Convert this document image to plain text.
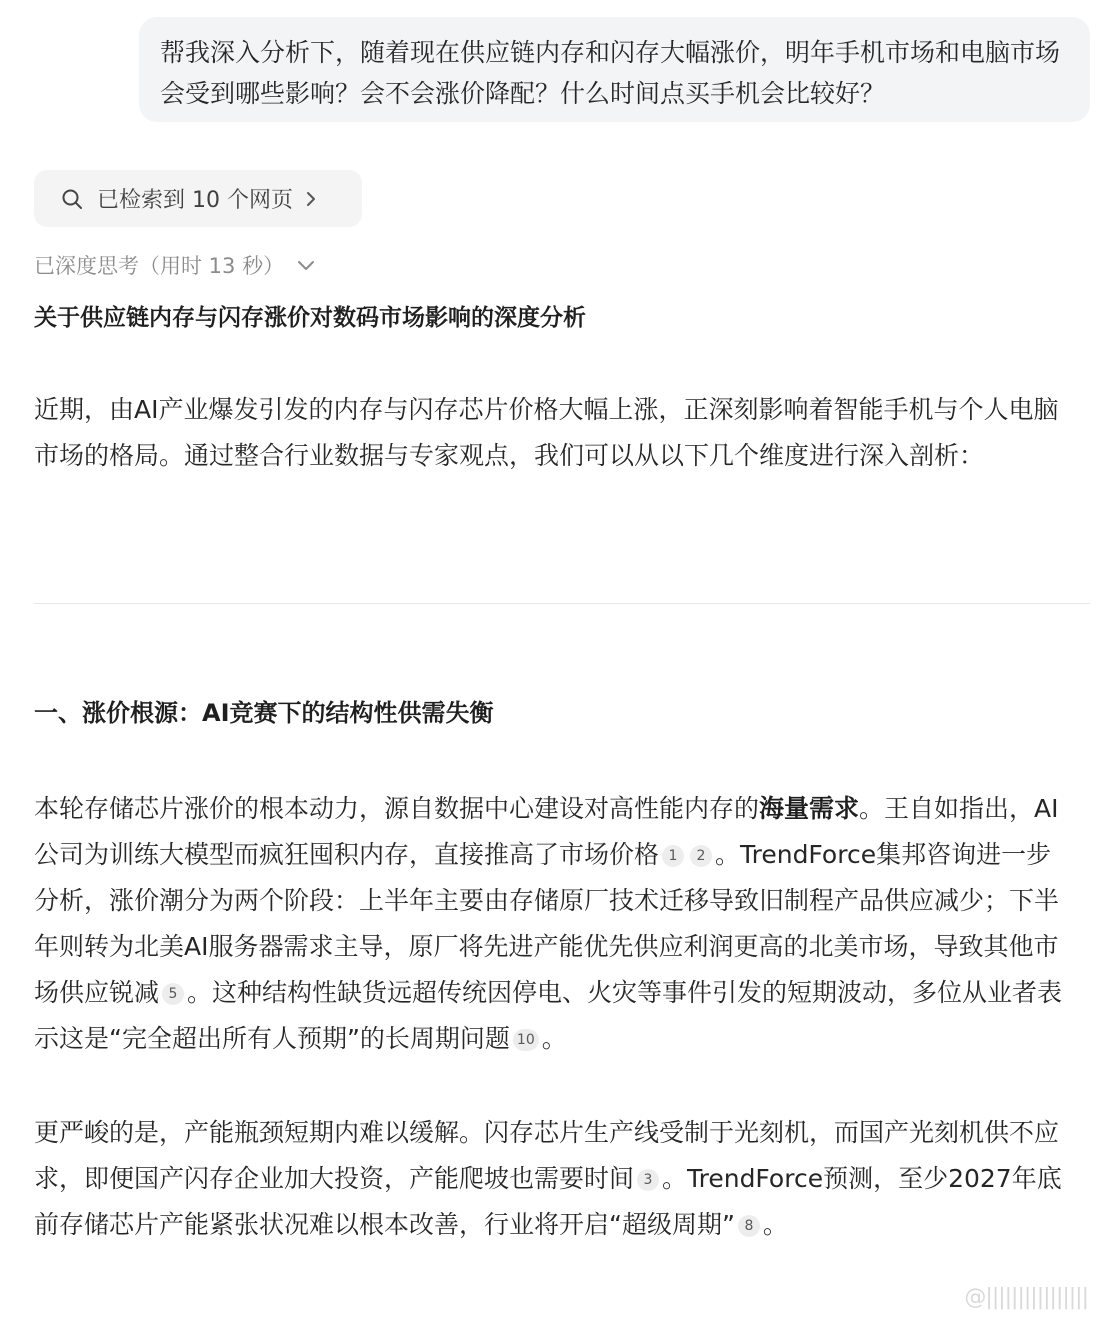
帮我深入分析下，随着现在供应链内存和闪存大幅涨价，明年手机市场和电脑市场会受到哪些影响？会不会涨价降配？什么时间点买手机会比较好？
已检索到 10 个网页
已深度思考（用时 13 秒）
关于供应链内存与闪存涨价对数码市场影响的深度分析

近期，由AI产业爆发引发的内存与闪存芯片价格大幅上涨，正深刻影响着智能手机与个人电脑市场的格局。通过整合行业数据与专家观点，我们可以从以下几个维度进行深入剖析：

一、涨价根源：AI竞赛下的结构性供需失衡

本轮存储芯片涨价的根本动力，源自数据中心建设对高性能内存的海量需求。王自如指出，AI公司为训练大模型而疯狂囤积内存，直接推高了市场价格 1 2 。TrendForce集邦咨询进一步分析，涨价潮分为两个阶段：上半年主要由存储原厂技术迁移导致旧制程产品供应减少；下半年则转为北美AI服务器需求主导，原厂将先进产能优先供应利润更高的北美市场，导致其他市场供应锐减 5 。这种结构性缺货远超传统因停电、火灾等事件引发的短期波动，多位从业者表示这是“完全超出所有人预期”的长周期问题 10 。

更严峻的是，产能瓶颈短期内难以缓解。闪存芯片生产线受制于光刻机，而国产光刻机供不应求，即便国产闪存企业加大投资，产能爬坡也需要时间 3 。TrendForce预测，至少2027年底前存储芯片产能紧张状况难以根本改善，行业将开启“超级周期” 8 。

@||||||||||||||||
